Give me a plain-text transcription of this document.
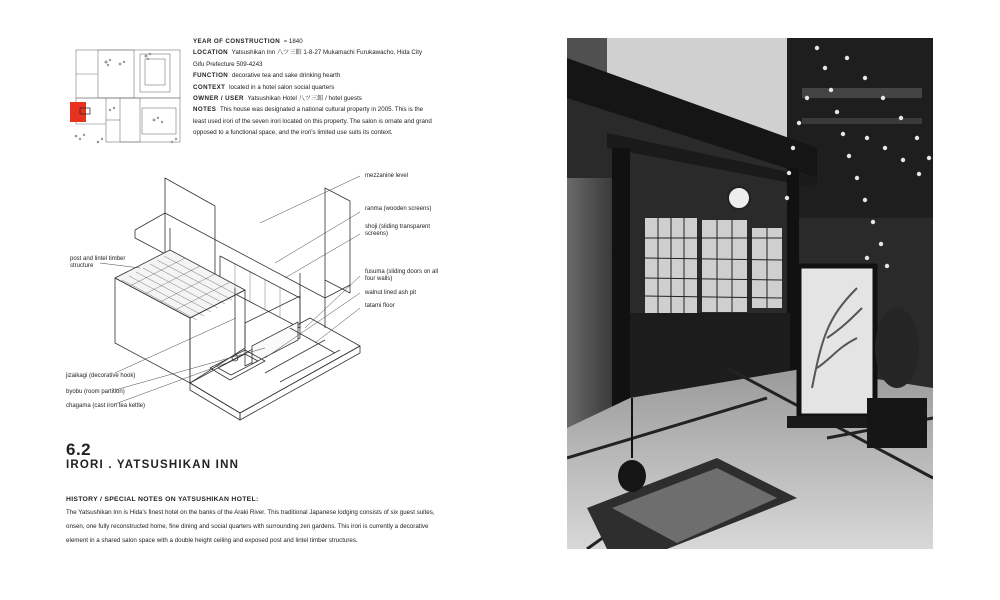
YEAR OF CONSTRUCTION ≈ 1840

LOCATION Yatsushikan Inn 八ツ三館 1-8-27 Mukamachi Furukawacho, Hida City Gifu Prefecture 509-4243

FUNCTION decorative tea and sake drinking hearth

CONTEXT located in a hotel salon social quarters

OWNER / USER Yatsushikan Hotel 八ツ三館 / hotel guests

NOTES This house was designated a national cultural property in 2005. This is the least used irori of the seven irori located on this property. The salon is ornate and grand opposed to a functional space, and the irori's limited use suits its context.

mezzanine level
ranma (wooden screens)
shoji (sliding transparent screens)
post and lintel timber structure
fusuma (sliding doors on all four walls)
walnut lined ash pit
tatami floor
jizaikagi (decorative hook)
byobu (room partition)
chagama (cast iron tea kettle)
6.2
IRORI . YATSUSHIKAN INN
HISTORY / SPECIAL NOTES ON YATSUSHIKAN HOTEL:
The Yatsushikan Inn is Hida's finest hotel on the banks of the Araki River. This traditional Japanese lodging consists of six guest suites, onsen, one fully reconstructed home, fine dining and social quarters with surrounding zen gardens. This irori is currently a decorative element in a shared salon space with a double height ceiling and exposed post and lintel timber structures.
